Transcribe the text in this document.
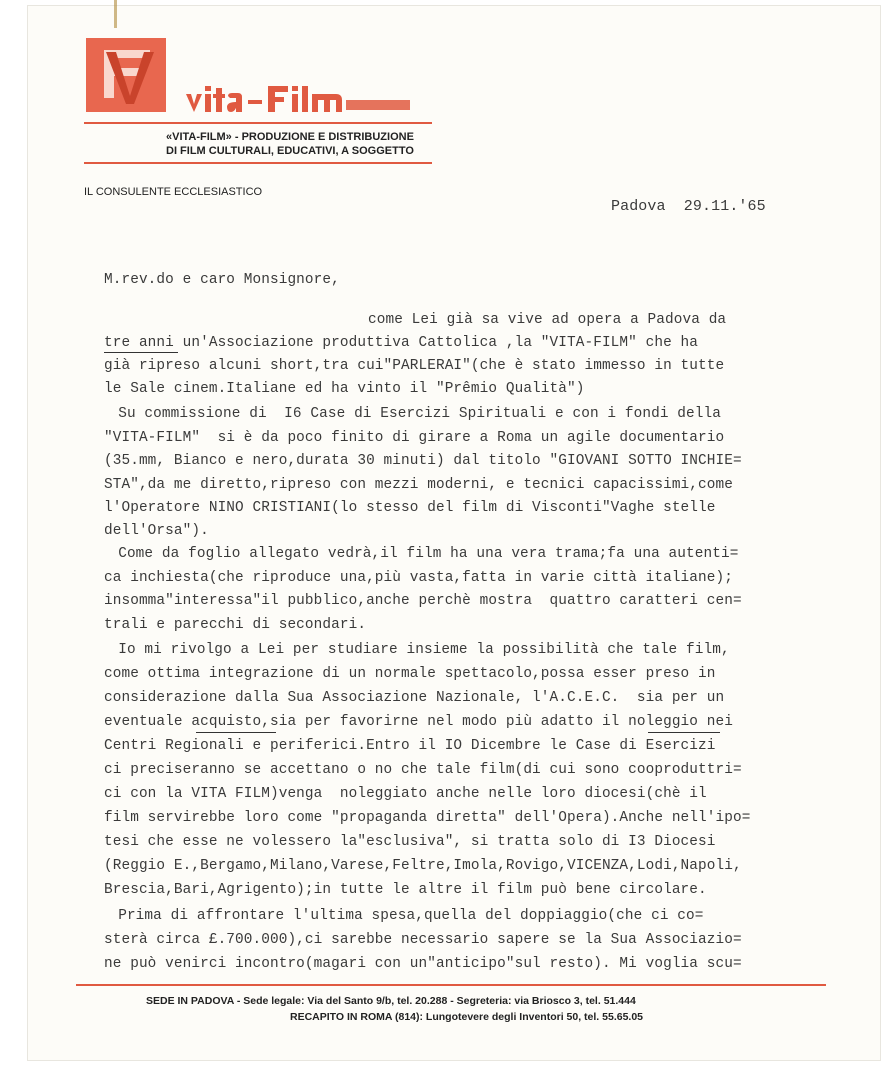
«VITA-FILM» - PRODUZIONE E DISTRIBUZIONE
DI FILM CULTURALI, EDUCATIVI, A SOGGETTO
IL CONSULENTE ECCLESIASTICO
Padova  29.11.'65
M.rev.do e caro Monsignore,
come Lei già sa vive ad opera a Padova da
tre anni un'Associazione produttiva Cattolica ,la "VITA-FILM" che ha
già ripreso alcuni short,tra cui"PARLERAI"(che è stato immesso in tutte
le Sale cinem.Italiane ed ha vinto il "Prêmio Qualità")
Su commissione di  I6 Case di Esercizi Spirituali e con i fondi della
"VITA-FILM"  si è da poco finito di girare a Roma un agile documentario
(35.mm, Bianco e nero,durata 30 minuti) dal titolo "GIOVANI SOTTO INCHIE=
STA",da me diretto,ripreso con mezzi moderni, e tecnici capacissimi,come
l'Operatore NINO CRISTIANI(lo stesso del film di Visconti"Vaghe stelle
dell'Orsa").
Come da foglio allegato vedrà,il film ha una vera trama;fa una autenti=
ca inchiesta(che riproduce una,più vasta,fatta in varie città italiane);
insomma"interessa"il pubblico,anche perchè mostra  quattro caratteri cen=
trali e parecchi di secondari.
Io mi rivolgo a Lei per studiare insieme la possibilità che tale film,
come ottima integrazione di un normale spettacolo,possa esser preso in
considerazione dalla Sua Associazione Nazionale, l'A.C.E.C.  sia per un
eventuale acquisto,sia per favorirne nel modo più adatto il noleggio nei
Centri Regionali e periferici.Entro il IO Dicembre le Case di Esercizi
ci preciseranno se accettano o no che tale film(di cui sono cooproduttri=
ci con la VITA FILM)venga  noleggiato anche nelle loro diocesi(chè il
film servirebbe loro come "propaganda diretta" dell'Opera).Anche nell'ipo=
tesi che esse ne volessero la"esclusiva", si tratta solo di I3 Diocesi
(Reggio E.,Bergamo,Milano,Varese,Feltre,Imola,Rovigo,VICENZA,Lodi,Napoli,
Brescia,Bari,Agrigento);in tutte le altre il film può bene circolare.
Prima di affrontare l'ultima spesa,quella del doppiaggio(che ci co=
sterà circa £.700.000),ci sarebbe necessario sapere se la Sua Associazio=
ne può venirci incontro(magari con un"anticipo"sul resto). Mi voglia scu=
SEDE IN PADOVA - Sede legale: Via del Santo 9/b, tel. 20.288 - Segreteria: via Briosco 3, tel. 51.444
RECAPITO IN ROMA (814): Lungotevere degli Inventori 50, tel. 55.65.05
